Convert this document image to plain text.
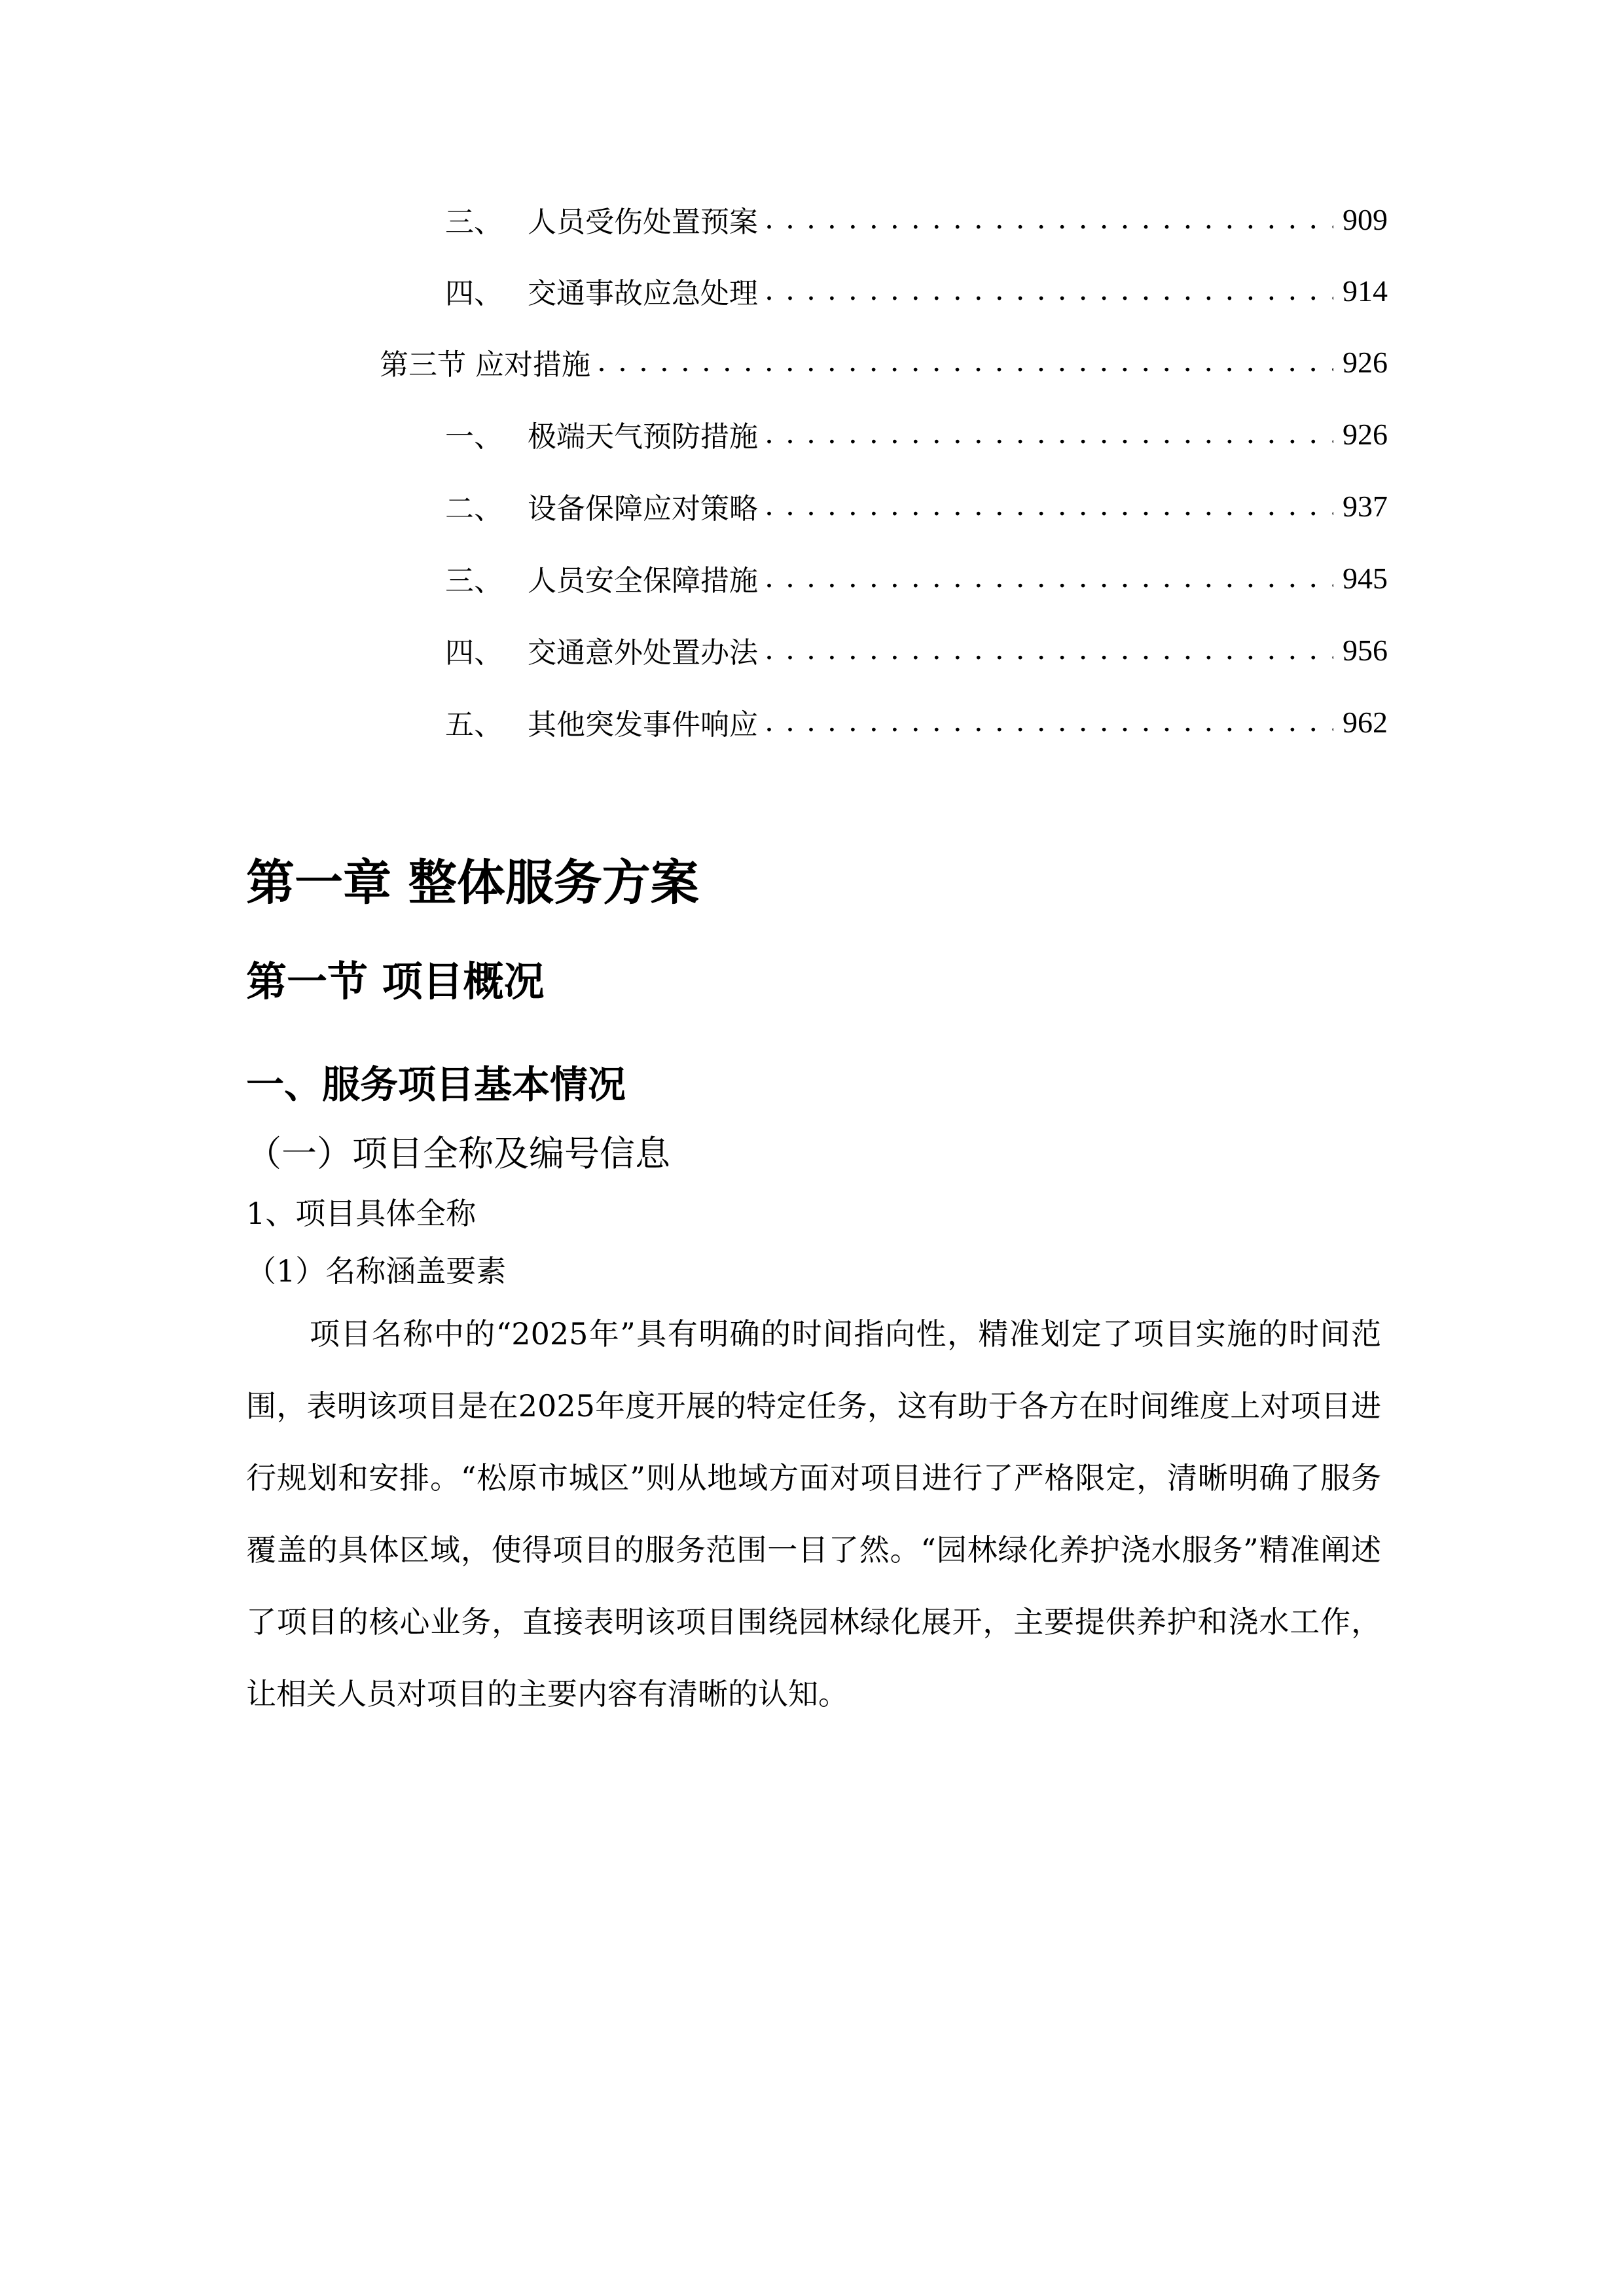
三、 人员受伤处置预案 . . .	909
四、 交通事故应急处理 . . .	914
第三节 应对措施 . . .	926
一、 极端天气预防措施 . . .	926
二、 设备保障应对策略 . . .	937
三、 人员安全保障措施 . . .	945
四、 交通意外处置办法 . . .	956
五、 其他突发事件响应 . . .	962
第一章 整体服务方案
第一节 项目概况
一、服务项目基本情况
（一）项目全称及编号信息
1、项目具体全称
（1）名称涵盖要素

项目名称中的“2025年”具有明确的时间指向性，精准划定了项目实施的时间范围，表明该项目是在2025年度开展的特定任务，这有助于各方在时间维度上对项目进行规划和安排。“松原市城区”则从地域方面对项目进行了严格限定，清晰明确了服务覆盖的具体区域，使得项目的服务范围一目了然。“园林绿化养护浇水服务”精准阐述了项目的核心业务，直接表明该项目围绕园林绿化展开，主要提供养护和浇水工作，让相关人员对项目的主要内容有清晰的认知。
